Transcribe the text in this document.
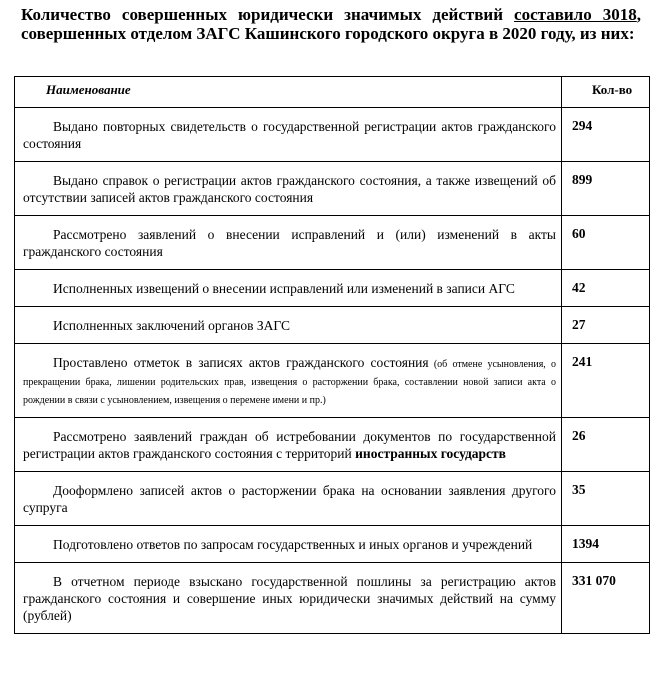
Количество совершенных юридически значимых действий составило 3018, совершенных отделом ЗАГС Кашинского городского округа в 2020 году, из них:
Наименование	Кол-во
Выдано повторных свидетельств о государственной регистрации актов гражданского состояния	294
Выдано справок о регистрации актов гражданского состояния, а также извещений об отсутствии записей актов гражданского состояния	899
Рассмотрено заявлений о внесении исправлений и (или) изменений в акты гражданского состояния	60
Исполненных извещений о внесении исправлений или изменений в записи АГС	42
Исполненных заключений органов ЗАГС	27
Проставлено отметок в записях актов гражданского состояния (об отмене усыновления, о прекращении брака, лишении родительских прав, извещения о расторжении брака, составлении новой записи акта о рождении в связи с усыновлением, извещения о перемене имени и пр.)	241
Рассмотрено заявлений граждан об истребовании документов по государственной регистрации актов гражданского состояния с территорий иностранных государств	26
Дооформлено записей актов о расторжении брака на основании заявления другого супруга	35
Подготовлено ответов по запросам государственных и иных органов и учреждений	1394
В отчетном периоде взыскано государственной пошлины за регистрацию актов гражданского состояния и совершение иных юридически значимых действий на сумму (рублей)	331 070
